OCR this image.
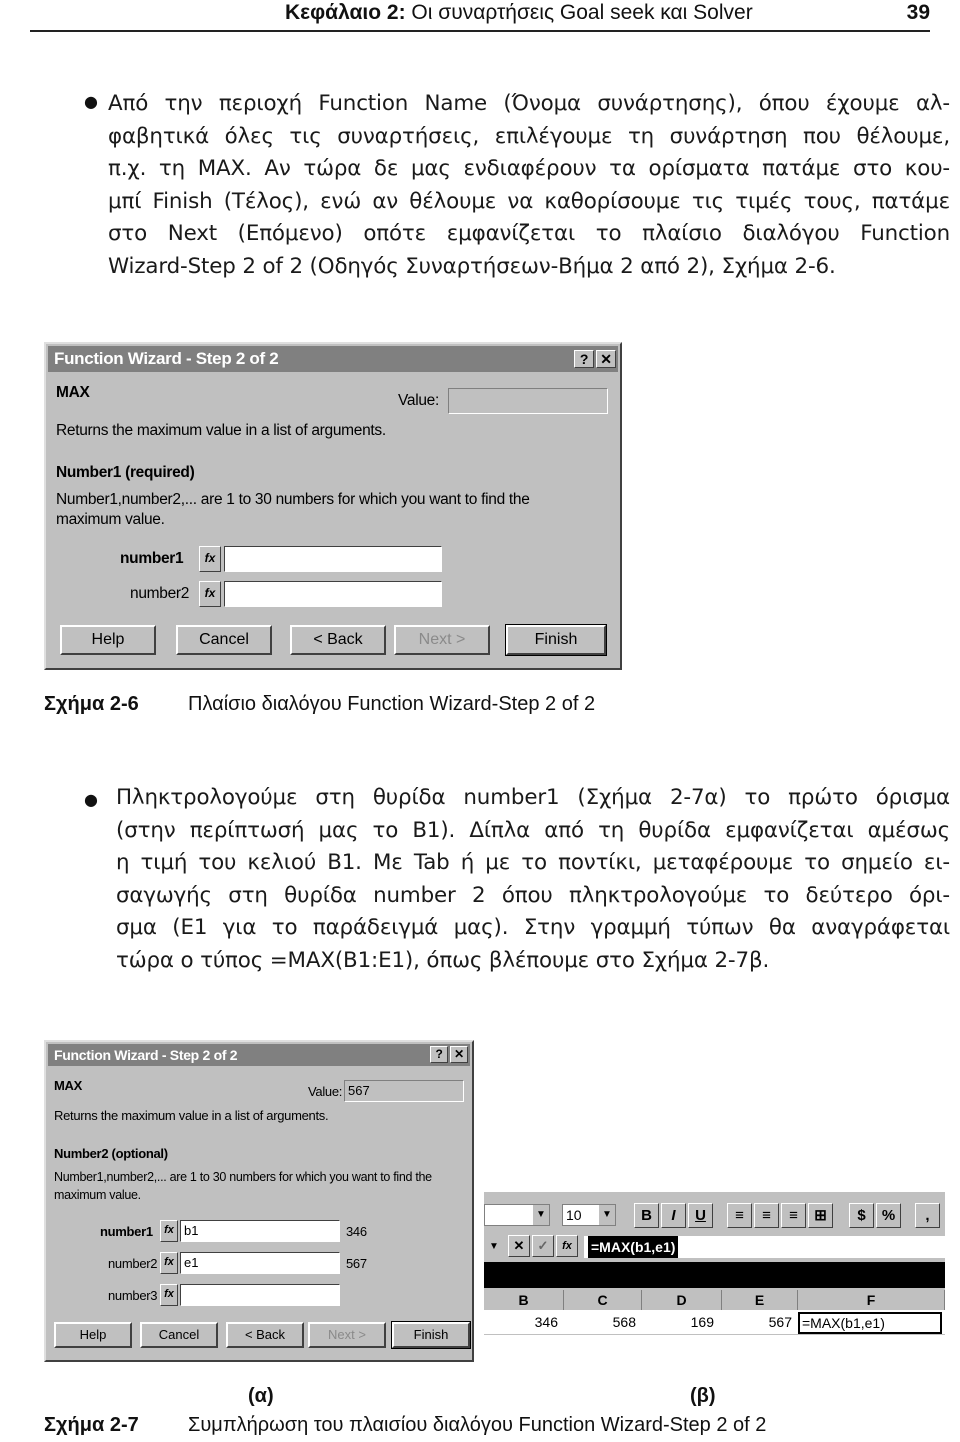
Κεφάλαιο 2: Οι συναρτήσεις Goal seek και Solver	39
● Από την περιοχή Function Name (Όνομα συνάρτησης), όπου έχουμε αλ-
φαβητικά όλες τις συναρτήσεις, επιλέγουμε τη συνάρτηση που θέλουμε,
π.χ. τη MAX. Αν τώρα δε μας ενδιαφέρουν τα ορίσματα πατάμε στο κου-
μπί Finish (Τέλος), ενώ αν θέλουμε να καθορίσουμε τις τιμές τους, πατάμε
στο Next (Επόμενο) οπότε εμφανίζεται το πλαίσιο διαλόγου Function
Wizard-Step 2 of 2 (Οδηγός Συναρτήσεων-Βήμα 2 από 2), Σχήμα 2-6.
Function Wizard - Step 2 of 2	? ✕
MAX	Value:
Returns the maximum value in a list of arguments.
Number1 (required)
Number1,number2,... are 1 to 30 numbers for which you want to find the
maximum value.
number1	fx
number2	fx
Help	Cancel	< Back	Next >	Finish
Σχήμα 2-6 Πλαίσιο διαλόγου Function Wizard-Step 2 of 2
● Πληκτρολογούμε στη θυρίδα number1 (Σχήμα 2-7α) το πρώτο όρισμα
(στην περίπτωσή μας το B1). Δίπλα από τη θυρίδα εμφανίζεται αμέσως
η τιμή του κελιού B1. Με Tab ή με το ποντίκι, μεταφέρουμε το σημείο ει-
σαγωγής στη θυρίδα number 2 όπου πληκτρολογούμε το δεύτερο όρι-
σμα (E1 για το παράδειγμά μας). Στην γραμμή τύπων θα αναγράφεται
τώρα ο τύπος =MAX(B1:E1), όπως βλέπουμε στο Σχήμα 2-7β.
Function Wizard - Step 2 of 2	? ✕
MAX	Value: 567
Returns the maximum value in a list of arguments.
Number2 (optional)
Number1,number2,... are 1 to 30 numbers for which you want to find the
maximum value.
number1	fx b1	346
number2 fx e1	567
number3 fx
Help	Cancel	< Back	Next >	Finish
▼ 10	▼	B	I	U	≡	≡	≡	⊞	$	%	,
▼	✕	✓	fx	=MAX(b1,e1)
B	C	D	E	F
346	568	169	567 =MAX(b1,e1)
(α)	(β)
Σχήμα 2-7 Συμπλήρωση του πλαισίου διαλόγου Function Wizard-Step 2 of 2
